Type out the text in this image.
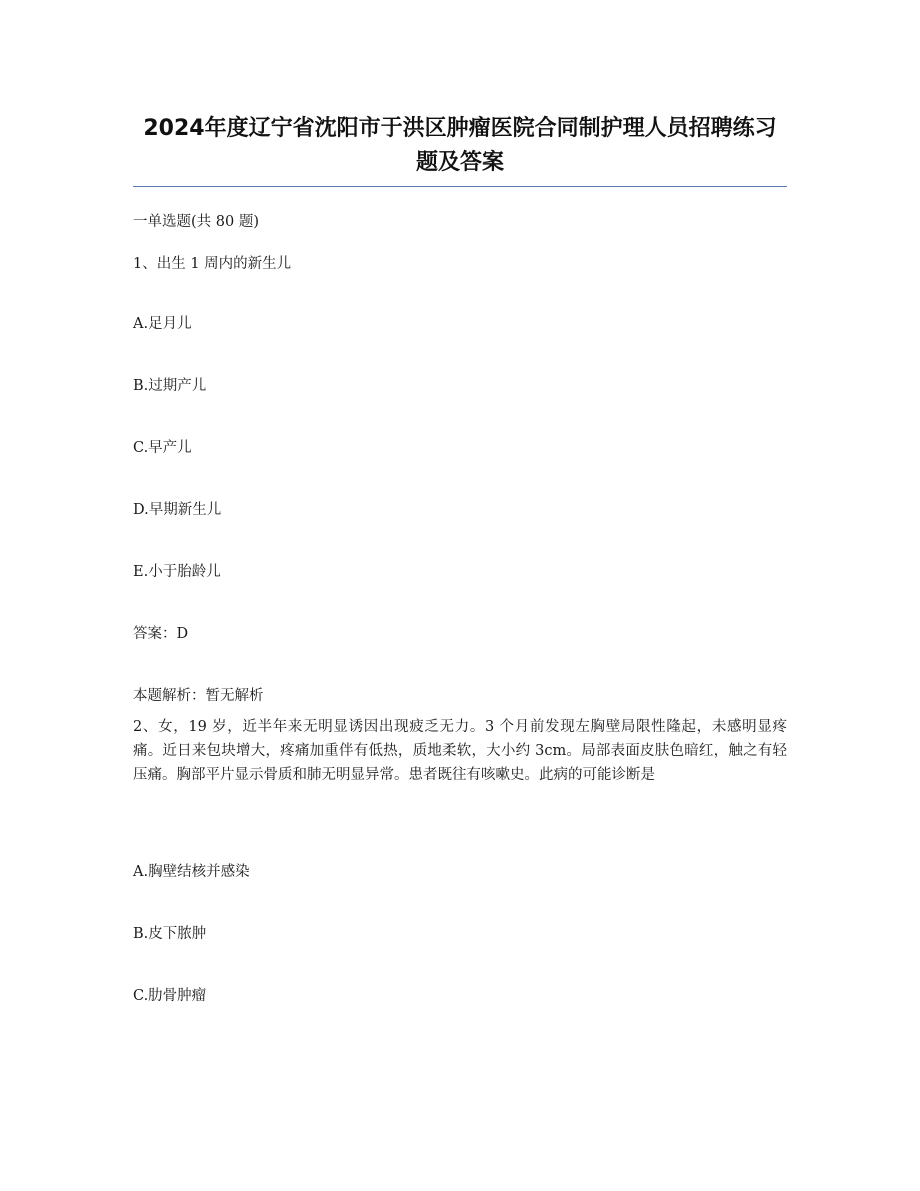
2024年度辽宁省沈阳市于洪区肿瘤医院合同制护理人员招聘练习题及答案

一单选题(共 80 题)

1、出生 1 周内的新生儿

A.足月儿

B.过期产儿

C.早产儿

D.早期新生儿

E.小于胎龄儿

答案：D

本题解析：暂无解析

2、女，19 岁，近半年来无明显诱因出现疲乏无力。3 个月前发现左胸壁局限性隆起，未感明显疼痛。近日来包块增大，疼痛加重伴有低热，质地柔软，大小约 3cm。局部表面皮肤色暗红，触之有轻压痛。胸部平片显示骨质和肺无明显异常。患者既往有咳嗽史。此病的可能诊断是

A.胸壁结核并感染

B.皮下脓肿

C.肋骨肿瘤
